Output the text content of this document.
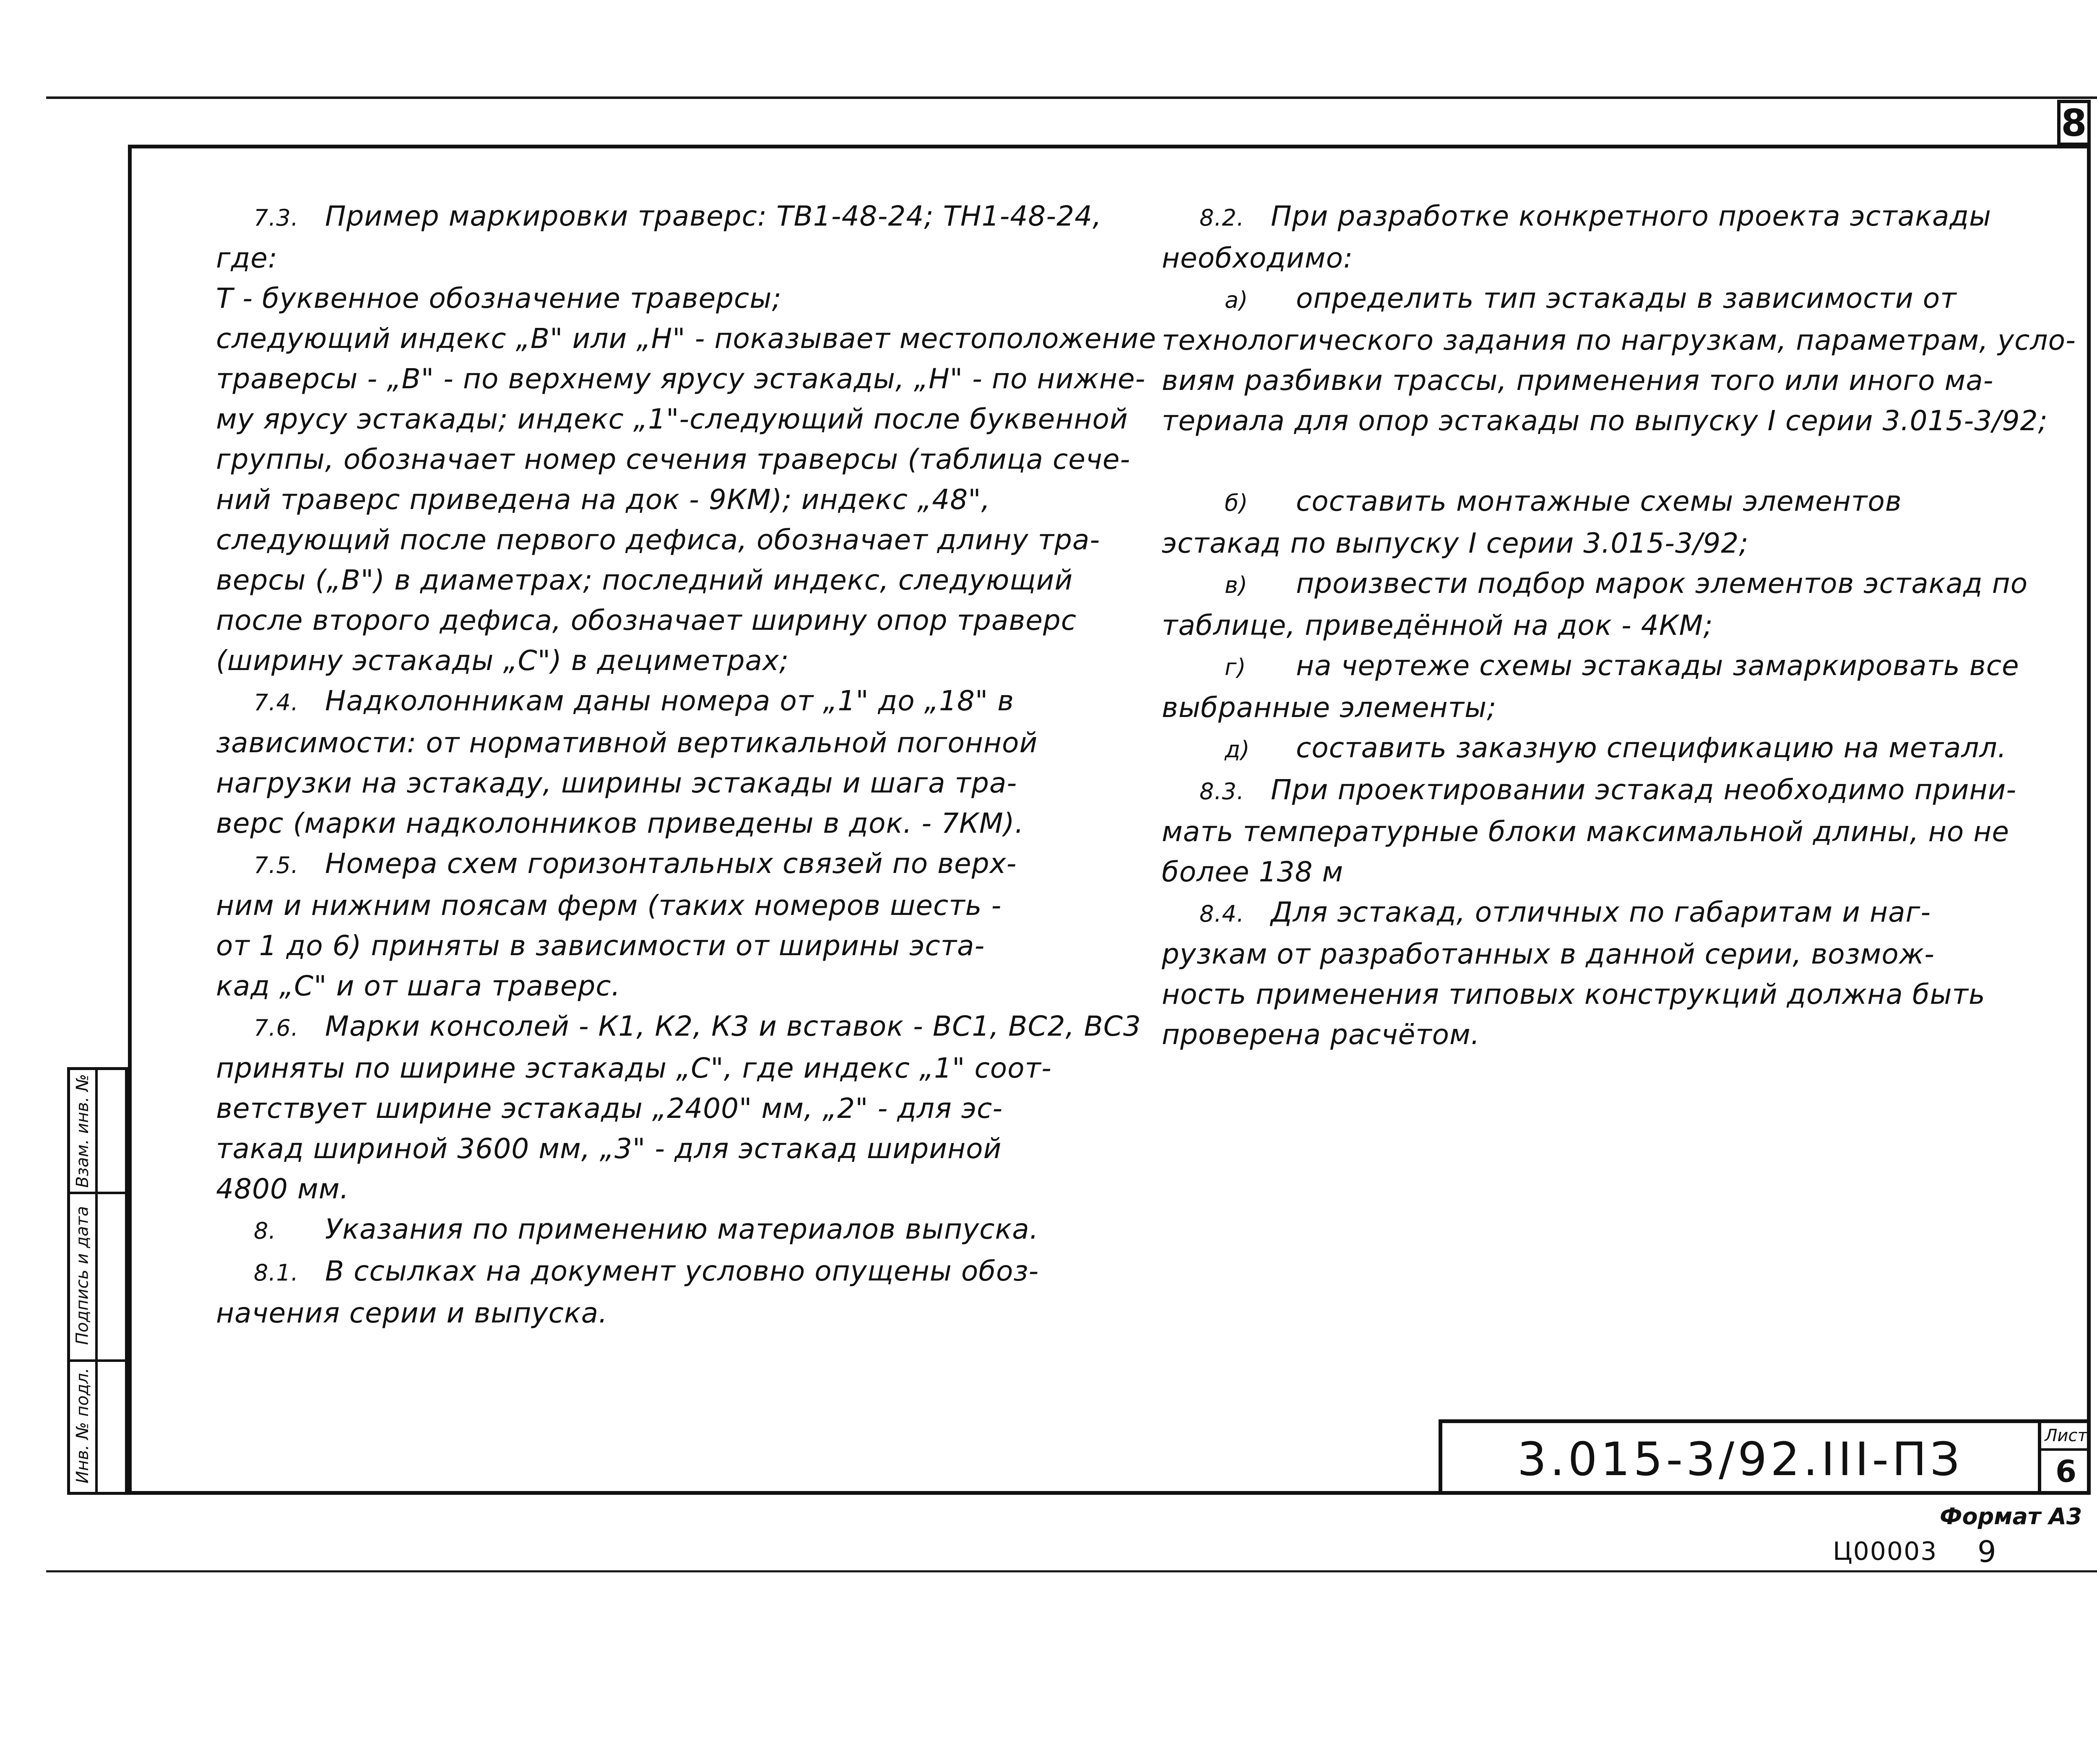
8

7.3. Пример маркировки траверс: ТВ1-48-24; ТН1-48-24,

где:

Т - буквенное обозначение траверсы;

следующий индекс „В" или „Н" - показывает местоположение

траверсы - „В" - по верхнему ярусу эстакады, „Н" - по нижне-

му ярусу эстакады; индекс „1"-следующий после буквенной

группы, обозначает номер сечения траверсы (таблица сече-

ний траверс приведена на док - 9КМ); индекс „48",

следующий после первого дефиса, обозначает длину тра-

версы („В") в диаметрах; последний индекс, следующий

после второго дефиса, обозначает ширину опор траверс

(ширину эстакады „С") в дециметрах;

7.4. Надколонникам даны номера от „1" до „18" в

зависимости: от нормативной вертикальной погонной

нагрузки на эстакаду, ширины эстакады и шага тра-

верс (марки надколонников приведены в док. - 7КМ).

7.5. Номера схем горизонтальных связей по верх-

ним и нижним поясам ферм (таких номеров шесть -

от 1 до 6) приняты в зависимости от ширины эста-

кад „С" и от шага траверс.

7.6. Марки консолей - К1, К2, К3 и вставок - ВС1, ВС2, ВС3

приняты по ширине эстакады „С", где индекс „1" соот-

ветствует ширине эстакады „2400" мм, „2" - для эс-

такад шириной 3600 мм, „3" - для эстакад шириной

4800 мм.

8. Указания по применению материалов выпуска.

8.1. В ссылках на документ условно опущены обоз-

начения серии и выпуска.

8.2. При разработке конкретного проекта эстакады

необходимо:

а) определить тип эстакады в зависимости от

технологического задания по нагрузкам, параметрам, усло-

виям разбивки трассы, применения того или иного ма-

териала для опор эстакады по выпуску I серии 3.015-3/92;

б) составить монтажные схемы элементов

эстакад по выпуску I серии 3.015-3/92;

в) произвести подбор марок элементов эстакад по

таблице, приведённой на док - 4КМ;

г) на чертеже схемы эстакады замаркировать все

выбранные элементы;

д) составить заказную спецификацию на металл.

8.3. При проектировании эстакад необходимо прини-

мать температурные блоки максимальной длины, но не

более 138 м

8.4. Для эстакад, отличных по габаритам и наг-

рузкам от разработанных в данной серии, возмож-

ность применения типовых конструкций должна быть

проверена расчётом.

Взам. инв. №
Подпись и дата
Инв. № подл.	3.015-3/92.III-ПЗ	Лист
6
Формат А3
Ц00003 9
